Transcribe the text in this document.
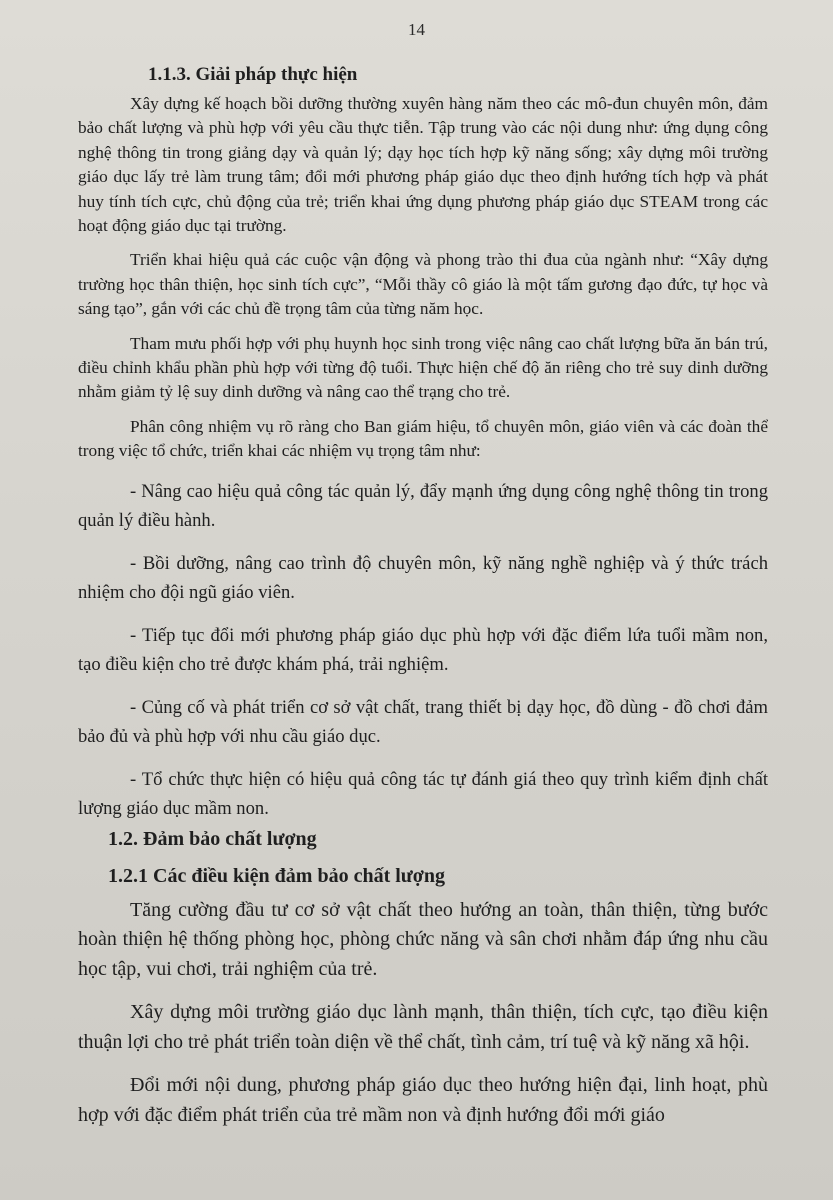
14
1.1.3. Giải pháp thực hiện

Xây dựng kế hoạch bồi dưỡng thường xuyên hàng năm theo các mô-đun chuyên môn, đảm bảo chất lượng và phù hợp với yêu cầu thực tiễn. Tập trung vào các nội dung như: ứng dụng công nghệ thông tin trong giảng dạy và quản lý; dạy học tích hợp kỹ năng sống; xây dựng môi trường giáo dục lấy trẻ làm trung tâm; đổi mới phương pháp giáo dục theo định hướng tích hợp và phát huy tính tích cực, chủ động của trẻ; triển khai ứng dụng phương pháp giáo dục STEAM trong các hoạt động giáo dục tại trường.

Triển khai hiệu quả các cuộc vận động và phong trào thi đua của ngành như: “Xây dựng trường học thân thiện, học sinh tích cực”, “Mỗi thầy cô giáo là một tấm gương đạo đức, tự học và sáng tạo”, gắn với các chủ đề trọng tâm của từng năm học.

Tham mưu phối hợp với phụ huynh học sinh trong việc nâng cao chất lượng bữa ăn bán trú, điều chỉnh khẩu phần phù hợp với từng độ tuổi. Thực hiện chế độ ăn riêng cho trẻ suy dinh dưỡng nhằm giảm tỷ lệ suy dinh dưỡng và nâng cao thể trạng cho trẻ.

Phân công nhiệm vụ rõ ràng cho Ban giám hiệu, tổ chuyên môn, giáo viên và các đoàn thể trong việc tổ chức, triển khai các nhiệm vụ trọng tâm như:

- Nâng cao hiệu quả công tác quản lý, đẩy mạnh ứng dụng công nghệ thông tin trong quản lý điều hành.

- Bồi dưỡng, nâng cao trình độ chuyên môn, kỹ năng nghề nghiệp và ý thức trách nhiệm cho đội ngũ giáo viên.

- Tiếp tục đổi mới phương pháp giáo dục phù hợp với đặc điểm lứa tuổi mầm non, tạo điều kiện cho trẻ được khám phá, trải nghiệm.

- Củng cố và phát triển cơ sở vật chất, trang thiết bị dạy học, đồ dùng - đồ chơi đảm bảo đủ và phù hợp với nhu cầu giáo dục.

- Tổ chức thực hiện có hiệu quả công tác tự đánh giá theo quy trình kiểm định chất lượng giáo dục mầm non.

1.2. Đảm bảo chất lượng
1.2.1 Các điều kiện đảm bảo chất lượng

Tăng cường đầu tư cơ sở vật chất theo hướng an toàn, thân thiện, từng bước hoàn thiện hệ thống phòng học, phòng chức năng và sân chơi nhằm đáp ứng nhu cầu học tập, vui chơi, trải nghiệm của trẻ.

Xây dựng môi trường giáo dục lành mạnh, thân thiện, tích cực, tạo điều kiện thuận lợi cho trẻ phát triển toàn diện về thể chất, tình cảm, trí tuệ và kỹ năng xã hội.

Đổi mới nội dung, phương pháp giáo dục theo hướng hiện đại, linh hoạt, phù hợp với đặc điểm phát triển của trẻ mầm non và định hướng đổi mới giáo
